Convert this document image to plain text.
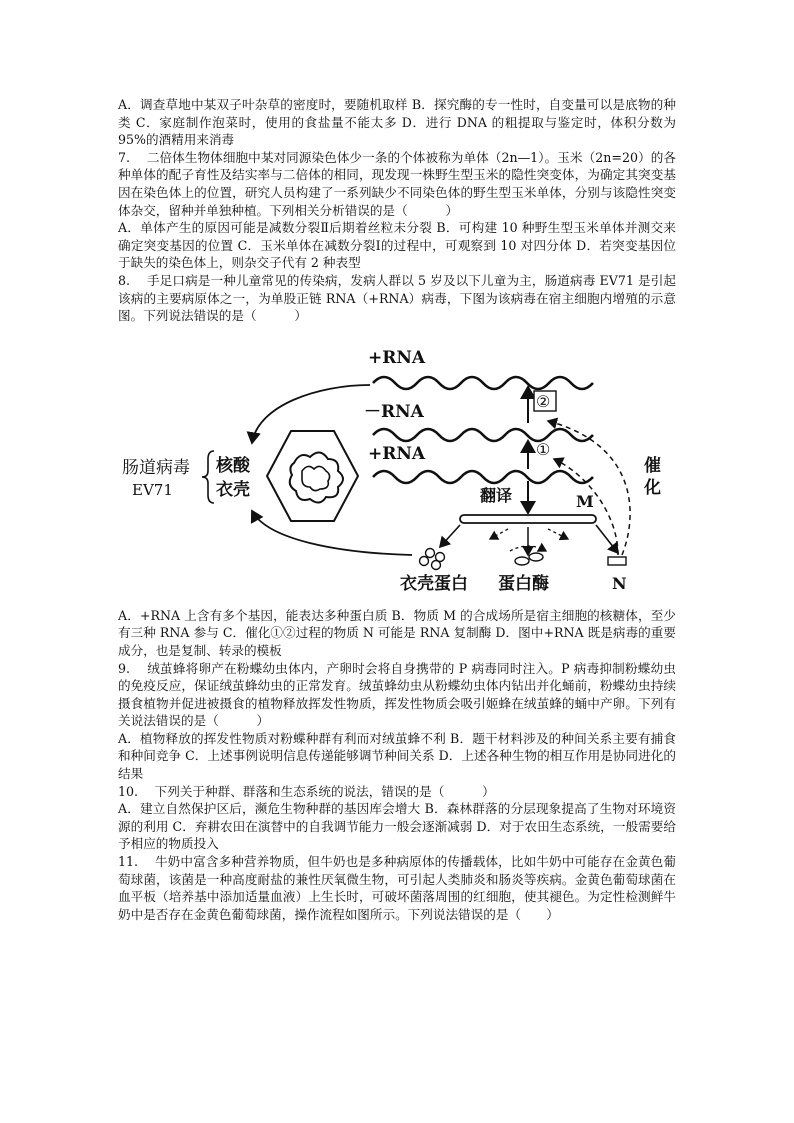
A．调查草地中某双子叶杂草的密度时，要随机取样 B．探究酶的专一性时，自变量可以是底物的种类 C．家庭制作泡菜时，使用的食盐量不能太多 D．进行 DNA 的粗提取与鉴定时，体积分数为 95%的酒精用来消毒

7.　 二倍体生物体细胞中某对同源染色体少一条的个体被称为单体（2n—1）。玉米（2n=20）的各种单体的配子育性及结实率与二倍体的相同，现发现一株野生型玉米的隐性突变体，为确定其突变基因在染色体上的位置，研究人员构建了一系列缺少不同染色体的野生型玉米单体，分别与该隐性突变体杂交，留种并单独种植。下列相关分析错误的是（　　　）

A．单体产生的原因可能是减数分裂Ⅱ后期着丝粒未分裂 B．可构建 10 种野生型玉米单体并测交来确定突变基因的位置 C．玉米单体在减数分裂Ⅰ的过程中，可观察到 10 对四分体 D．若突变基因位于缺失的染色体上，则杂交子代有 2 种表型

8.　 手足口病是一种儿童常见的传染病，发病人群以 5 岁及以下儿童为主，肠道病毒 EV71 是引起该病的主要病原体之一，为单股正链 RNA（+RNA）病毒，下图为该病毒在宿主细胞内增殖的示意图。下列说法错误的是（　　　）

肠道病毒
EV71
核酸
衣壳
+RNA
－RNA
+RNA
②
①
翻译	M
衣壳蛋白 蛋白酶	N
催
化

A．+RNA 上含有多个基因，能表达多种蛋白质 B．物质 M 的合成场所是宿主细胞的核糖体，至少有三种 RNA 参与 C．催化①②过程的物质 N 可能是 RNA 复制酶 D．图中+RNA 既是病毒的重要成分，也是复制、转录的模板

9.　 绒茧蜂将卵产在粉蝶幼虫体内，产卵时会将自身携带的 P 病毒同时注入。P 病毒抑制粉蝶幼虫的免疫反应，保证绒茧蜂幼虫的正常发育。绒茧蜂幼虫从粉蝶幼虫体内钻出并化蛹前，粉蝶幼虫持续摄食植物并促进被摄食的植物释放挥发性物质，挥发性物质会吸引姬蜂在绒茧蜂的蛹中产卵。下列有关说法错误的是（　　　）

A．植物释放的挥发性物质对粉蝶种群有利而对绒茧蜂不利 B．题干材料涉及的种间关系主要有捕食和种间竞争 C．上述事例说明信息传递能够调节种间关系 D．上述各种生物的相互作用是协同进化的结果

10.　 下列关于种群、群落和生态系统的说法，错误的是（　　　）

A．建立自然保护区后，濒危生物种群的基因库会增大 B．森林群落的分层现象提高了生物对环境资源的利用 C．弃耕农田在演替中的自我调节能力一般会逐渐减弱 D．对于农田生态系统，一般需要给予相应的物质投入

11.　 牛奶中富含多种营养物质，但牛奶也是多种病原体的传播载体，比如牛奶中可能存在金黄色葡萄球菌，该菌是一种高度耐盐的兼性厌氧微生物，可引起人类肺炎和肠炎等疾病。金黄色葡萄球菌在血平板（培养基中添加适量血液）上生长时，可破坏菌落周围的红细胞，使其褪色。为定性检测鲜牛奶中是否存在金黄色葡萄球菌，操作流程如图所示。下列说法错误的是（　　）
